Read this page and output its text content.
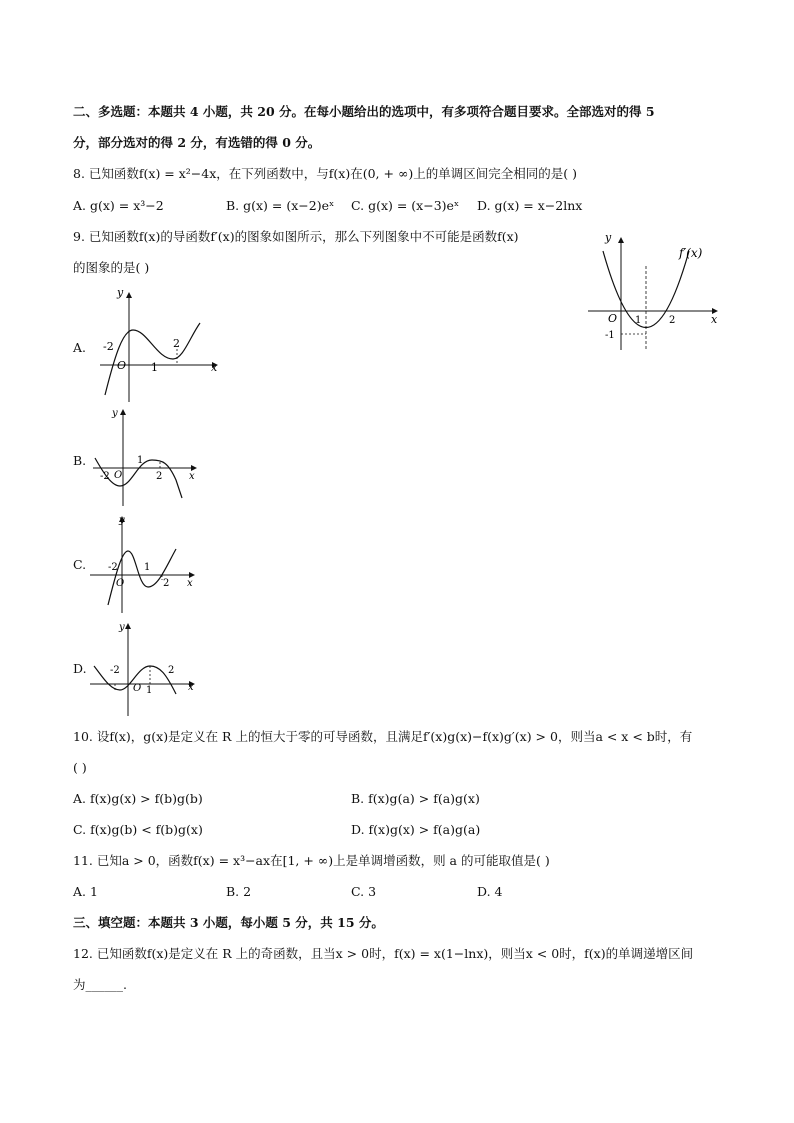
二、多选题：本题共 4 小题，共 20 分。在每小题给出的选项中，有多项符合题目要求。全部选对的得 5
分，部分选对的得 2 分，有选错的得 0 分。
8. 已知函数f(x) = x²−4x，在下列函数中，与f(x)在(0, + ∞)上的单调区间完全相同的是( )
A. g(x) = x³−2	B. g(x) = (x−2)eˣ C. g(x) = (x−3)eˣ D. g(x) = x−2lnx
9. 已知函数f(x)的导函数f′(x)的图象如图所示，那么下列图象中不可能是函数f(x)
的图象的是( )
y
f′(x)
x
O 1	2
-1
A.
y
x
O
-2
1
2
B.
y
x
O
-2
1
2
C.
y
x
O
-2	1
2
D.
y
x
O
-2
1
2
10. 设f(x)，g(x)是定义在 R 上的恒大于零的可导函数，且满足f′(x)g(x)−f(x)g′(x) > 0，则当a < x < b时，有
( )
A. f(x)g(x) > f(b)g(b)	B. f(x)g(a) > f(a)g(x)
C. f(x)g(b) < f(b)g(x)	D. f(x)g(x) > f(a)g(a)
11. 已知a > 0，函数f(x) = x³−ax在[1, + ∞)上是单调增函数，则 a 的可能取值是( )
A. 1	B. 2	C. 3	D. 4
三、填空题：本题共 3 小题，每小题 5 分，共 15 分。
12. 已知函数f(x)是定义在 R 上的奇函数，且当x > 0时，f(x) = x(1−lnx)，则当x < 0时，f(x)的单调递增区间
为______.
